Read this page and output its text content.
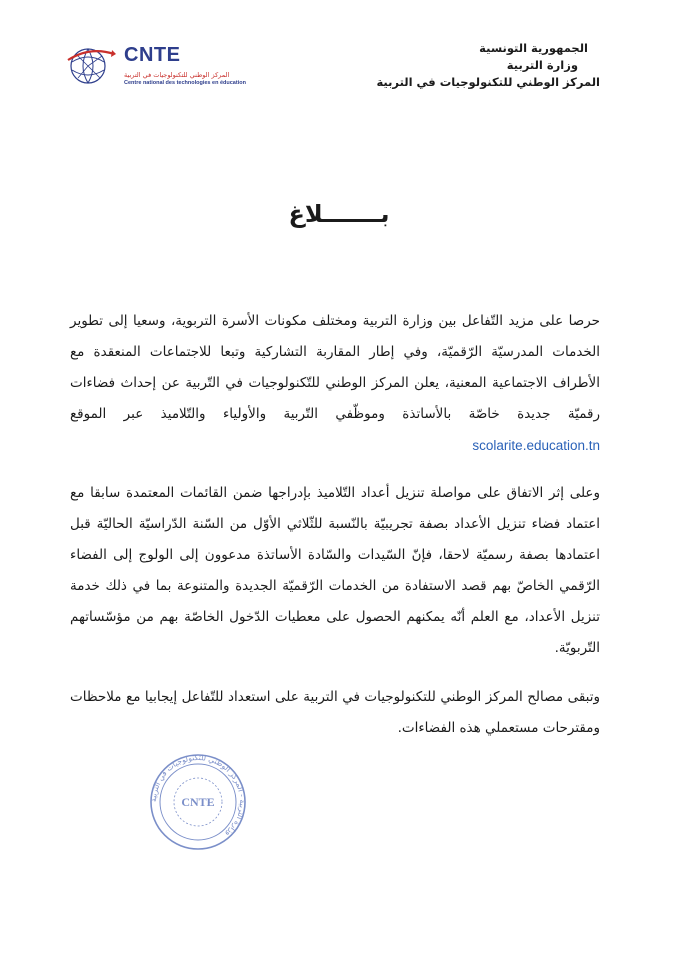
CNTE
المركز الوطني للتكنولوجيات في التربية
Centre national des technologies en éducation
الجمهورية التونسية
وزارة التربية
المركز الوطني للتكنولوجيات في التربية
بـــــــلاغ
حرصا على مزيد التّفاعل بين وزارة التربية ومختلف مكونات الأسرة التربوية، وسعيا إلى تطوير الخدمات المدرسيّة الرّقميّة، وفي إطار المقاربة التشاركية وتبعا للاجتماعات المنعقدة مع الأطراف الاجتماعية المعنية، يعلن المركز الوطني للتّكنولوجيات في التّربية عن إحداث فضاءات رقميّة جديدة خاصّة بالأساتذة وموظّفي التّربية والأولياء والتّلاميذ عبر الموقع scolarite.education.tn
وعلى إثر الاتفاق على مواصلة تنزيل أعداد التّلاميذ بإدراجها ضمن القائمات المعتمدة سابقا مع اعتماد فضاء تنزيل الأعداد بصفة تجريبيّة بالنّسبة للثّلاثي الأوّل من السّنة الدّراسيّة الحاليّة قبل اعتمادها بصفة رسميّة لاحقا، فإنّ السّيدات والسّادة الأساتذة مدعوون إلى الولوج إلى الفضاء الرّقمي الخاصّ بهم قصد الاستفادة من الخدمات الرّقميّة الجديدة والمتنوعة بما في ذلك خدمة تنزيل الأعداد، مع العلم أنّه يمكنهم الحصول على معطيات الدّخول الخاصّة بهم من مؤسّساتهم التّربويّة.
وتبقى مصالح المركز الوطني للتكنولوجيات في التربية على استعداد للتّفاعل إيجابيا مع ملاحظات ومقترحات مستعملي هذه الفضاءات.
وزارة التربية - المركز الوطني للتكنولوجيات في التربية
CNTE
